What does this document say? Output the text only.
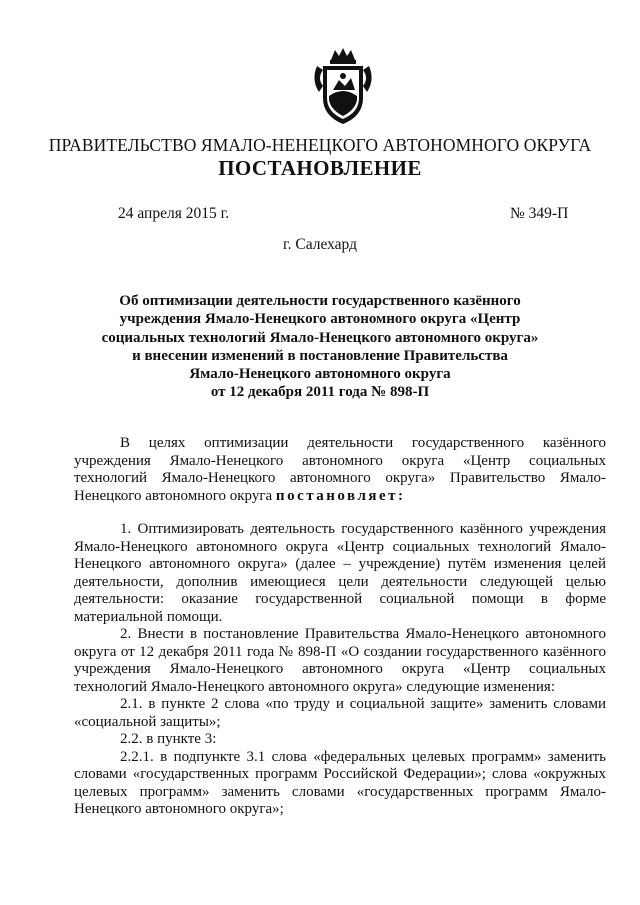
ПРАВИТЕЛЬСТВО ЯМАЛО-НЕНЕЦКОГО АВТОНОМНОГО ОКРУГА
ПОСТАНОВЛЕНИЕ
24 апреля 2015 г.	№ 349-П
г. Салехард
Об оптимизации деятельности государственного казённого
учреждения Ямало-Ненецкого автономного округа «Центр
социальных технологий Ямало-Ненецкого автономного округа»
и внесении изменений в постановление Правительства
Ямало-Ненецкого автономного округа
от 12 декабря 2011 года № 898-П

В целях оптимизации деятельности государственного казённого учреждения Ямало-Ненецкого автономного округа «Центр социальных технологий Ямало-Ненецкого автономного округа» Правительство Ямало-Ненецкого автономного округа постановляет:

1. Оптимизировать деятельность государственного казённого учреждения Ямало-Ненецкого автономного округа «Центр социальных технологий Ямало-Ненецкого автономного округа» (далее – учреждение) путём изменения целей деятельности, дополнив имеющиеся цели деятельности следующей целью деятельности: оказание государственной социальной помощи в форме материальной помощи.

2. Внести в постановление Правительства Ямало-Ненецкого автономного округа от 12 декабря 2011 года № 898-П «О создании государственного казённого учреждения Ямало-Ненецкого автономного округа «Центр социальных технологий Ямало-Ненецкого автономного округа» следующие изменения:

2.1. в пункте 2 слова «по труду и социальной защите» заменить словами «социальной защиты»;

2.2. в пункте 3:

2.2.1. в подпункте 3.1 слова «федеральных целевых программ» заменить словами «государственных программ Российской Федерации»; слова «окружных целевых программ» заменить словами «государственных программ Ямало-Ненецкого автономного округа»;
